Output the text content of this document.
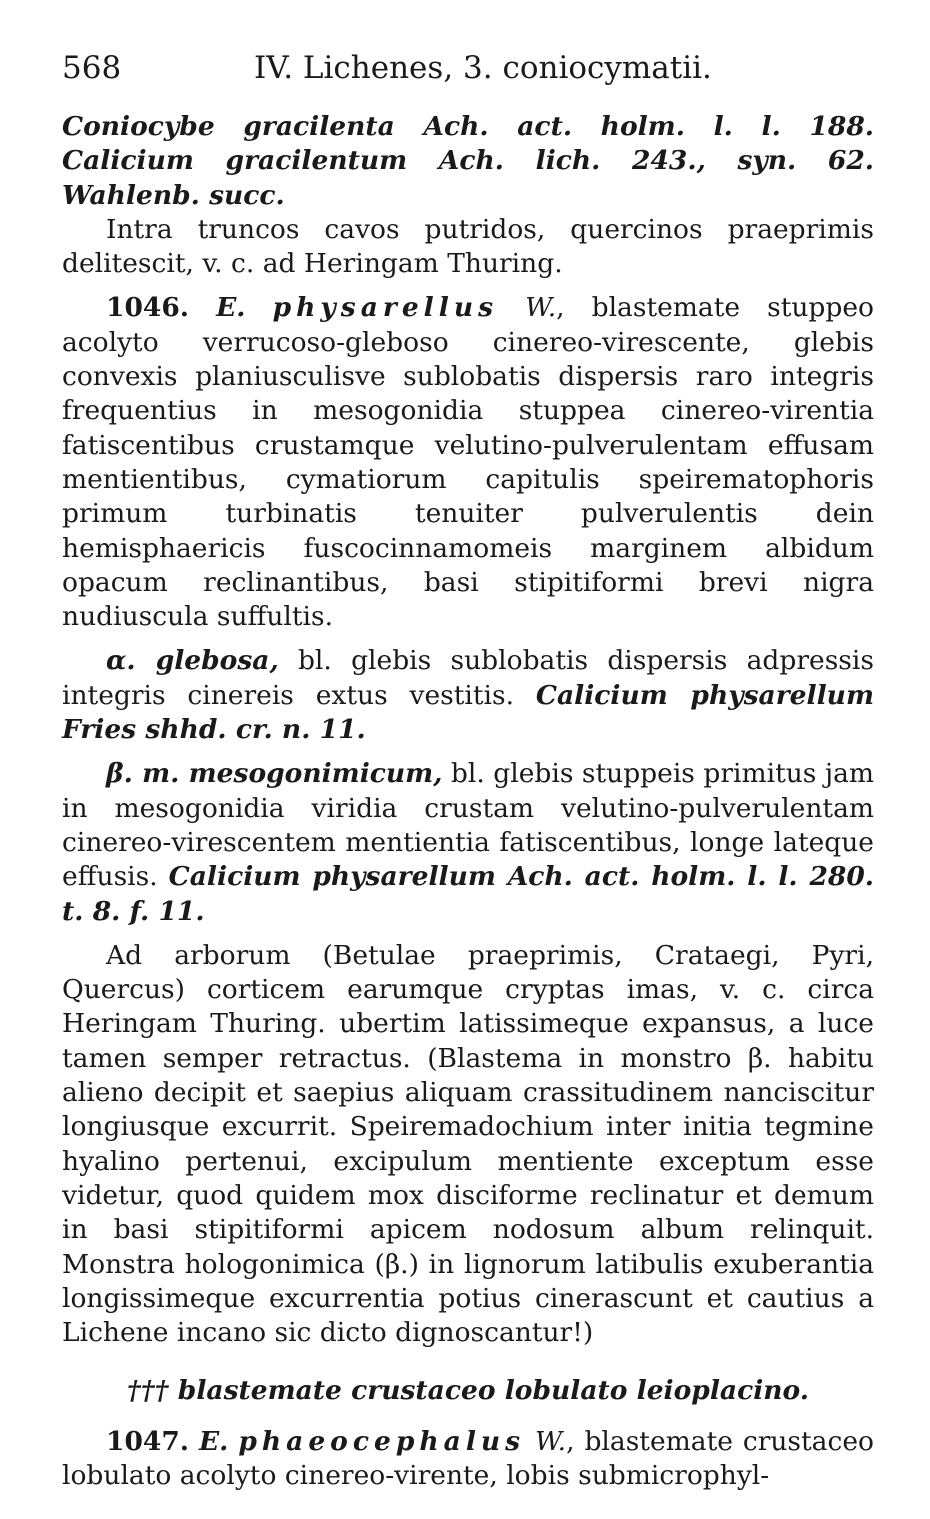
568	IV. Lichenes, 3. coniocymatii.

Coniocybe gracilenta Ach. act. holm. l. l. 188. Calicium gracilentum Ach. lich. 243., syn. 62. Wahlenb. succ.

Intra truncos cavos putridos, quercinos praeprimis delitescit, v. c. ad Heringam Thuring.

1046. E. physarellus W., blastemate stuppeo acolyto verrucoso-gleboso cinereo-virescente, glebis convexis planiusculisve sublobatis dispersis raro integris frequentius in mesogonidia stuppea cinereo-virentia fatiscentibus crustamque velutino-pulverulentam effusam mentientibus, cymatiorum capitulis speirematophoris primum turbinatis tenuiter pulverulentis dein hemisphaericis fuscocinnamomeis marginem albidum opacum reclinantibus, basi stipitiformi brevi nigra nudiuscula suffultis.

α. glebosa, bl. glebis sublobatis dispersis adpressis integris cinereis extus vestitis. Calicium physarellum Fries shhd. cr. n. 11.

β. m. mesogonimicum, bl. glebis stuppeis primitus jam in mesogonidia viridia crustam velutino-pulverulentam cinereo-virescentem mentientia fatiscentibus, longe lateque effusis. Calicium physarellum Ach. act. holm. l. l. 280. t. 8. f. 11.

Ad arborum (Betulae praeprimis, Crataegi, Pyri, Quercus) corticem earumque cryptas imas, v. c. circa Heringam Thuring. ubertim latissimeque expansus, a luce tamen semper retractus. (Blastema in monstro β. habitu alieno decipit et saepius aliquam crassitudinem nanciscitur longiusque excurrit. Speiremadochium inter initia tegmine hyalino pertenui, excipulum mentiente exceptum esse videtur, quod quidem mox disciforme reclinatur et demum in basi stipitiformi apicem nodosum album relinquit. Monstra hologonimica (β.) in lignorum latibulis exuberantia longissimeque excurrentia potius cinerascunt et cautius a Lichene incano sic dicto dignoscantur!)

††† blastemate crustaceo lobulato leioplacino.

1047. E. phaeocephalus W., blastemate crustaceo lobulato acolyto cinereo-virente, lobis submicrophyl-
